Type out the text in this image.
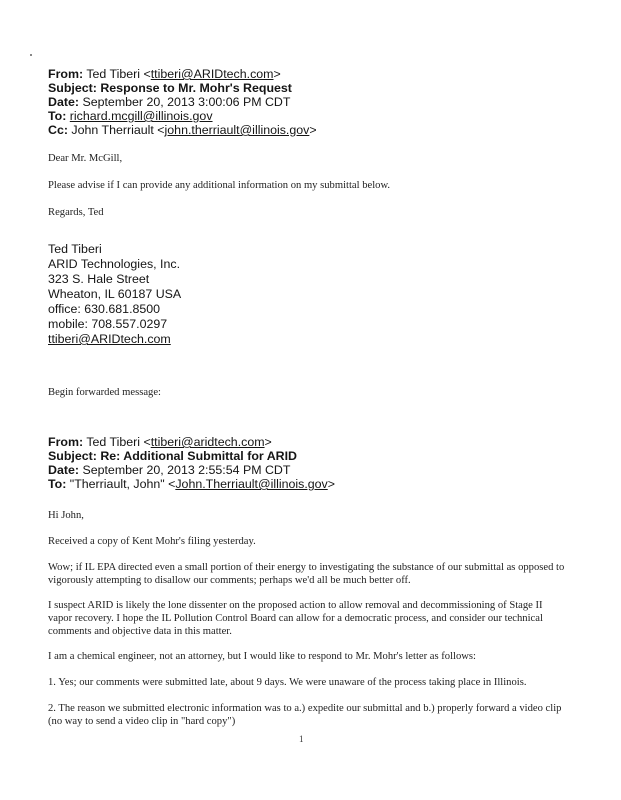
From: Ted Tiberi <ttiberi@ARIDtech.com>
Subject: Response to Mr. Mohr's Request
Date: September 20, 2013 3:00:06 PM CDT
To: richard.mcgill@illinois.gov
Cc: John Therriault <john.therriault@illinois.gov>
Dear Mr. McGill,
Please advise if I can provide any additional information on my submittal below.
Regards, Ted
Ted Tiberi
ARID Technologies, Inc.
323 S. Hale Street
Wheaton, IL 60187 USA
office: 630.681.8500
mobile: 708.557.0297
ttiberi@ARIDtech.com
Begin forwarded message:
From: Ted Tiberi <ttiberi@aridtech.com>
Subject: Re: Additional Submittal for ARID
Date: September 20, 2013 2:55:54 PM CDT
To: "Therriault, John" <John.Therriault@illinois.gov>
Hi John,
Received a copy of Kent Mohr's filing yesterday.
Wow; if IL EPA directed even a small portion of their energy to investigating the substance of our submittal as opposed to vigorously attempting to disallow our comments; perhaps we'd all be much better off.
I suspect ARID is likely the lone dissenter on the proposed action to allow removal and decommissioning of Stage II vapor recovery. I hope the IL Pollution Control Board can allow for a democratic process, and consider our technical comments and objective data in this matter.
I am a chemical engineer, not an attorney, but I would like to respond to Mr. Mohr's letter as follows:
1. Yes; our comments were submitted late, about 9 days. We were unaware of the process taking place in Illinois.
2. The reason we submitted electronic information was to a.) expedite our submittal and b.) properly forward a video clip (no way to send a video clip in "hard copy")
1
